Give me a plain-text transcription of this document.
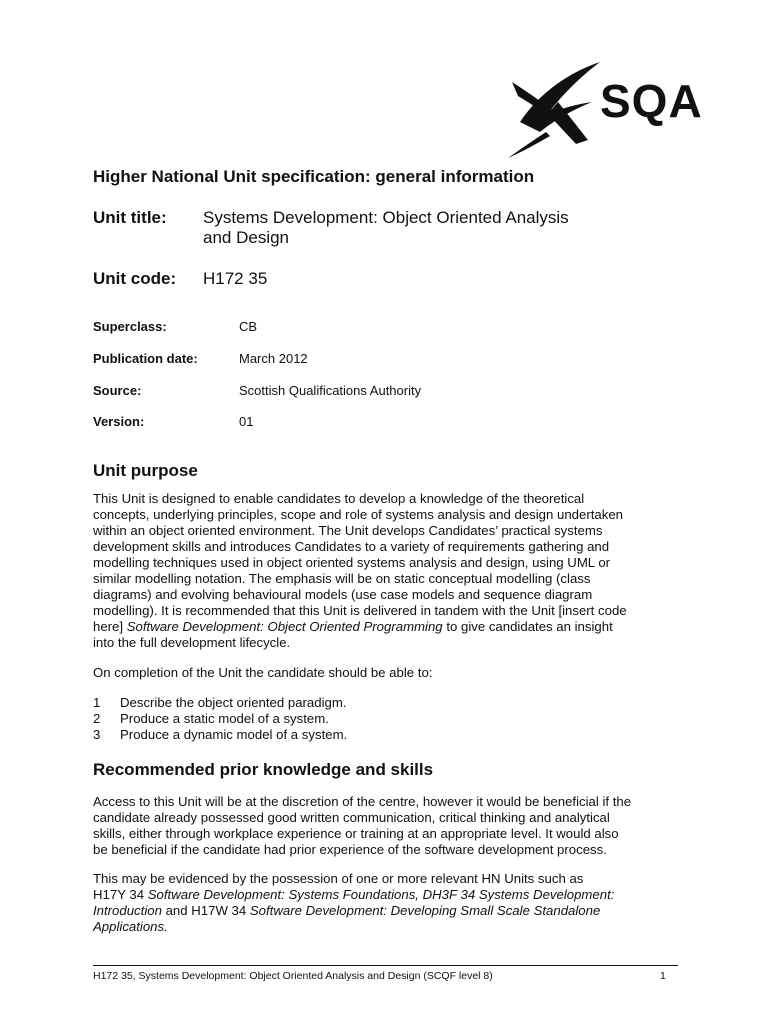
SQA
Higher National Unit specification: general information
Unit title: Systems Development: Object Oriented Analysis
and Design
Unit code: H172 35
Superclass:	CB
Publication date:	March 2012
Source:	Scottish Qualifications Authority
Version:	01
Unit purpose
This Unit is designed to enable candidates to develop a knowledge of the theoretical
concepts, underlying principles, scope and role of systems analysis and design undertaken
within an object oriented environment. The Unit develops Candidates’ practical systems
development skills and introduces Candidates to a variety of requirements gathering and
modelling techniques used in object oriented systems analysis and design, using UML or
similar modelling notation. The emphasis will be on static conceptual modelling (class
diagrams) and evolving behavioural models (use case models and sequence diagram
modelling). It is recommended that this Unit is delivered in tandem with the Unit [insert code
here] Software Development: Object Oriented Programming to give candidates an insight
into the full development lifecycle.
On completion of the Unit the candidate should be able to:
1	Describe the object oriented paradigm.
2	Produce a static model of a system.
3	Produce a dynamic model of a system.
Recommended prior knowledge and skills
Access to this Unit will be at the discretion of the centre, however it would be beneficial if the
candidate already possessed good written communication, critical thinking and analytical
skills, either through workplace experience or training at an appropriate level. It would also
be beneficial if the candidate had prior experience of the software development process.
This may be evidenced by the possession of one or more relevant HN Units such as
H17Y 34 Software Development: Systems Foundations, DH3F 34 Systems Development:
Introduction and H17W 34 Software Development: Developing Small Scale Standalone
Applications.
H172 35, Systems Development: Object Oriented Analysis and Design (SCQF level 8)	1
